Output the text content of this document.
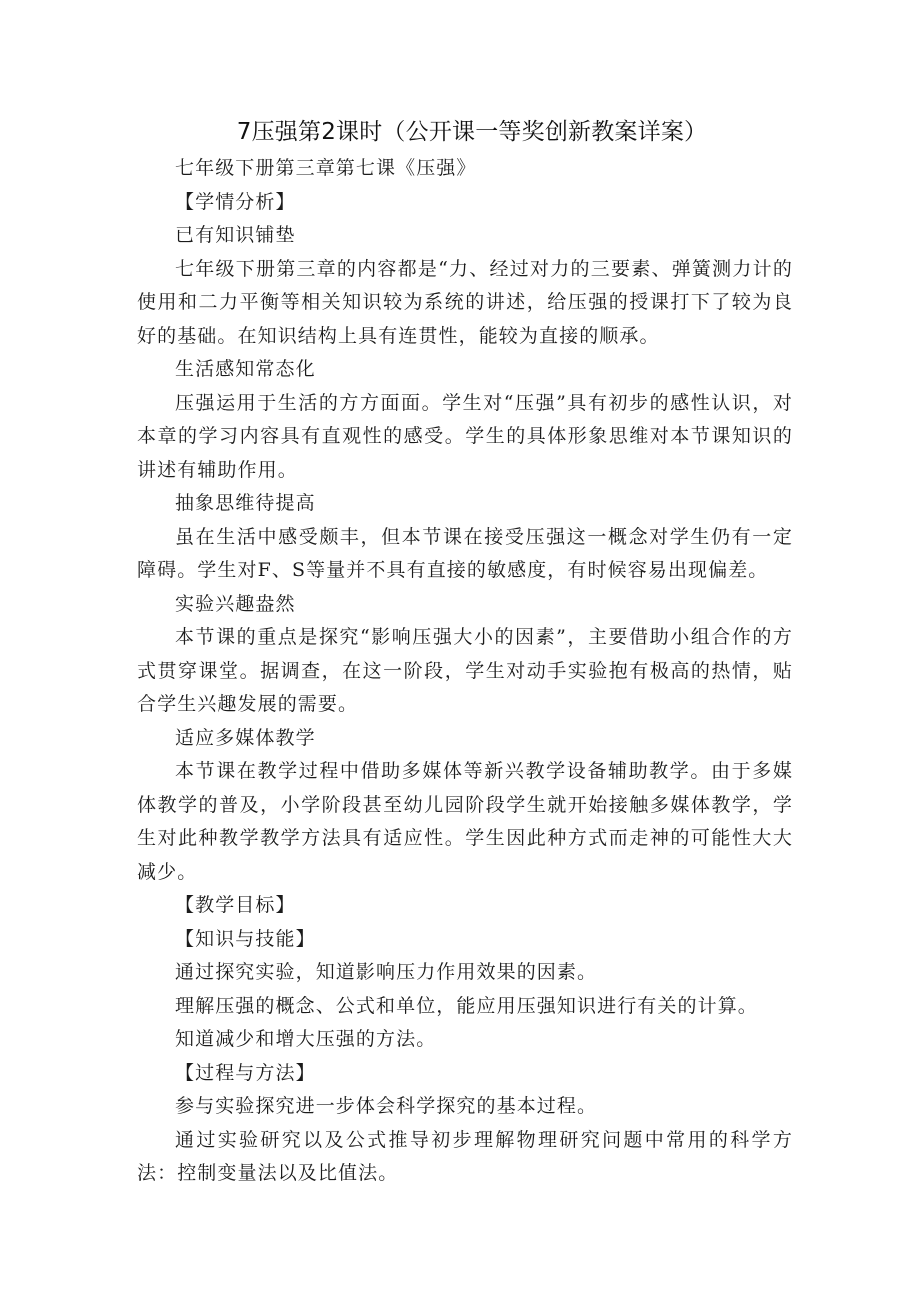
7压强第2课时（公开课一等奖创新教案详案）

七年级下册第三章第七课《压强》

【学情分析】

已有知识铺垫

七年级下册第三章的内容都是“力、经过对力的三要素、弹簧测力计的使用和二力平衡等相关知识较为系统的讲述，给压强的授课打下了较为良好的基础。在知识结构上具有连贯性，能较为直接的顺承。

生活感知常态化

压强运用于生活的方方面面。学生对“压强”具有初步的感性认识，对本章的学习内容具有直观性的感受。学生的具体形象思维对本节课知识的讲述有辅助作用。

抽象思维待提高

虽在生活中感受颇丰，但本节课在接受压强这一概念对学生仍有一定障碍。学生对F、S等量并不具有直接的敏感度，有时候容易出现偏差。

实验兴趣盎然

本节课的重点是探究“影响压强大小的因素”，主要借助小组合作的方式贯穿课堂。据调查，在这一阶段，学生对动手实验抱有极高的热情，贴合学生兴趣发展的需要。

适应多媒体教学

本节课在教学过程中借助多媒体等新兴教学设备辅助教学。由于多媒体教学的普及，小学阶段甚至幼儿园阶段学生就开始接触多媒体教学，学生对此种教学教学方法具有适应性。学生因此种方式而走神的可能性大大减少。

【教学目标】

【知识与技能】

通过探究实验，知道影响压力作用效果的因素。

理解压强的概念、公式和单位，能应用压强知识进行有关的计算。

知道减少和增大压强的方法。

【过程与方法】

参与实验探究进一步体会科学探究的基本过程。

通过实验研究以及公式推导初步理解物理研究问题中常用的科学方法：控制变量法以及比值法。
